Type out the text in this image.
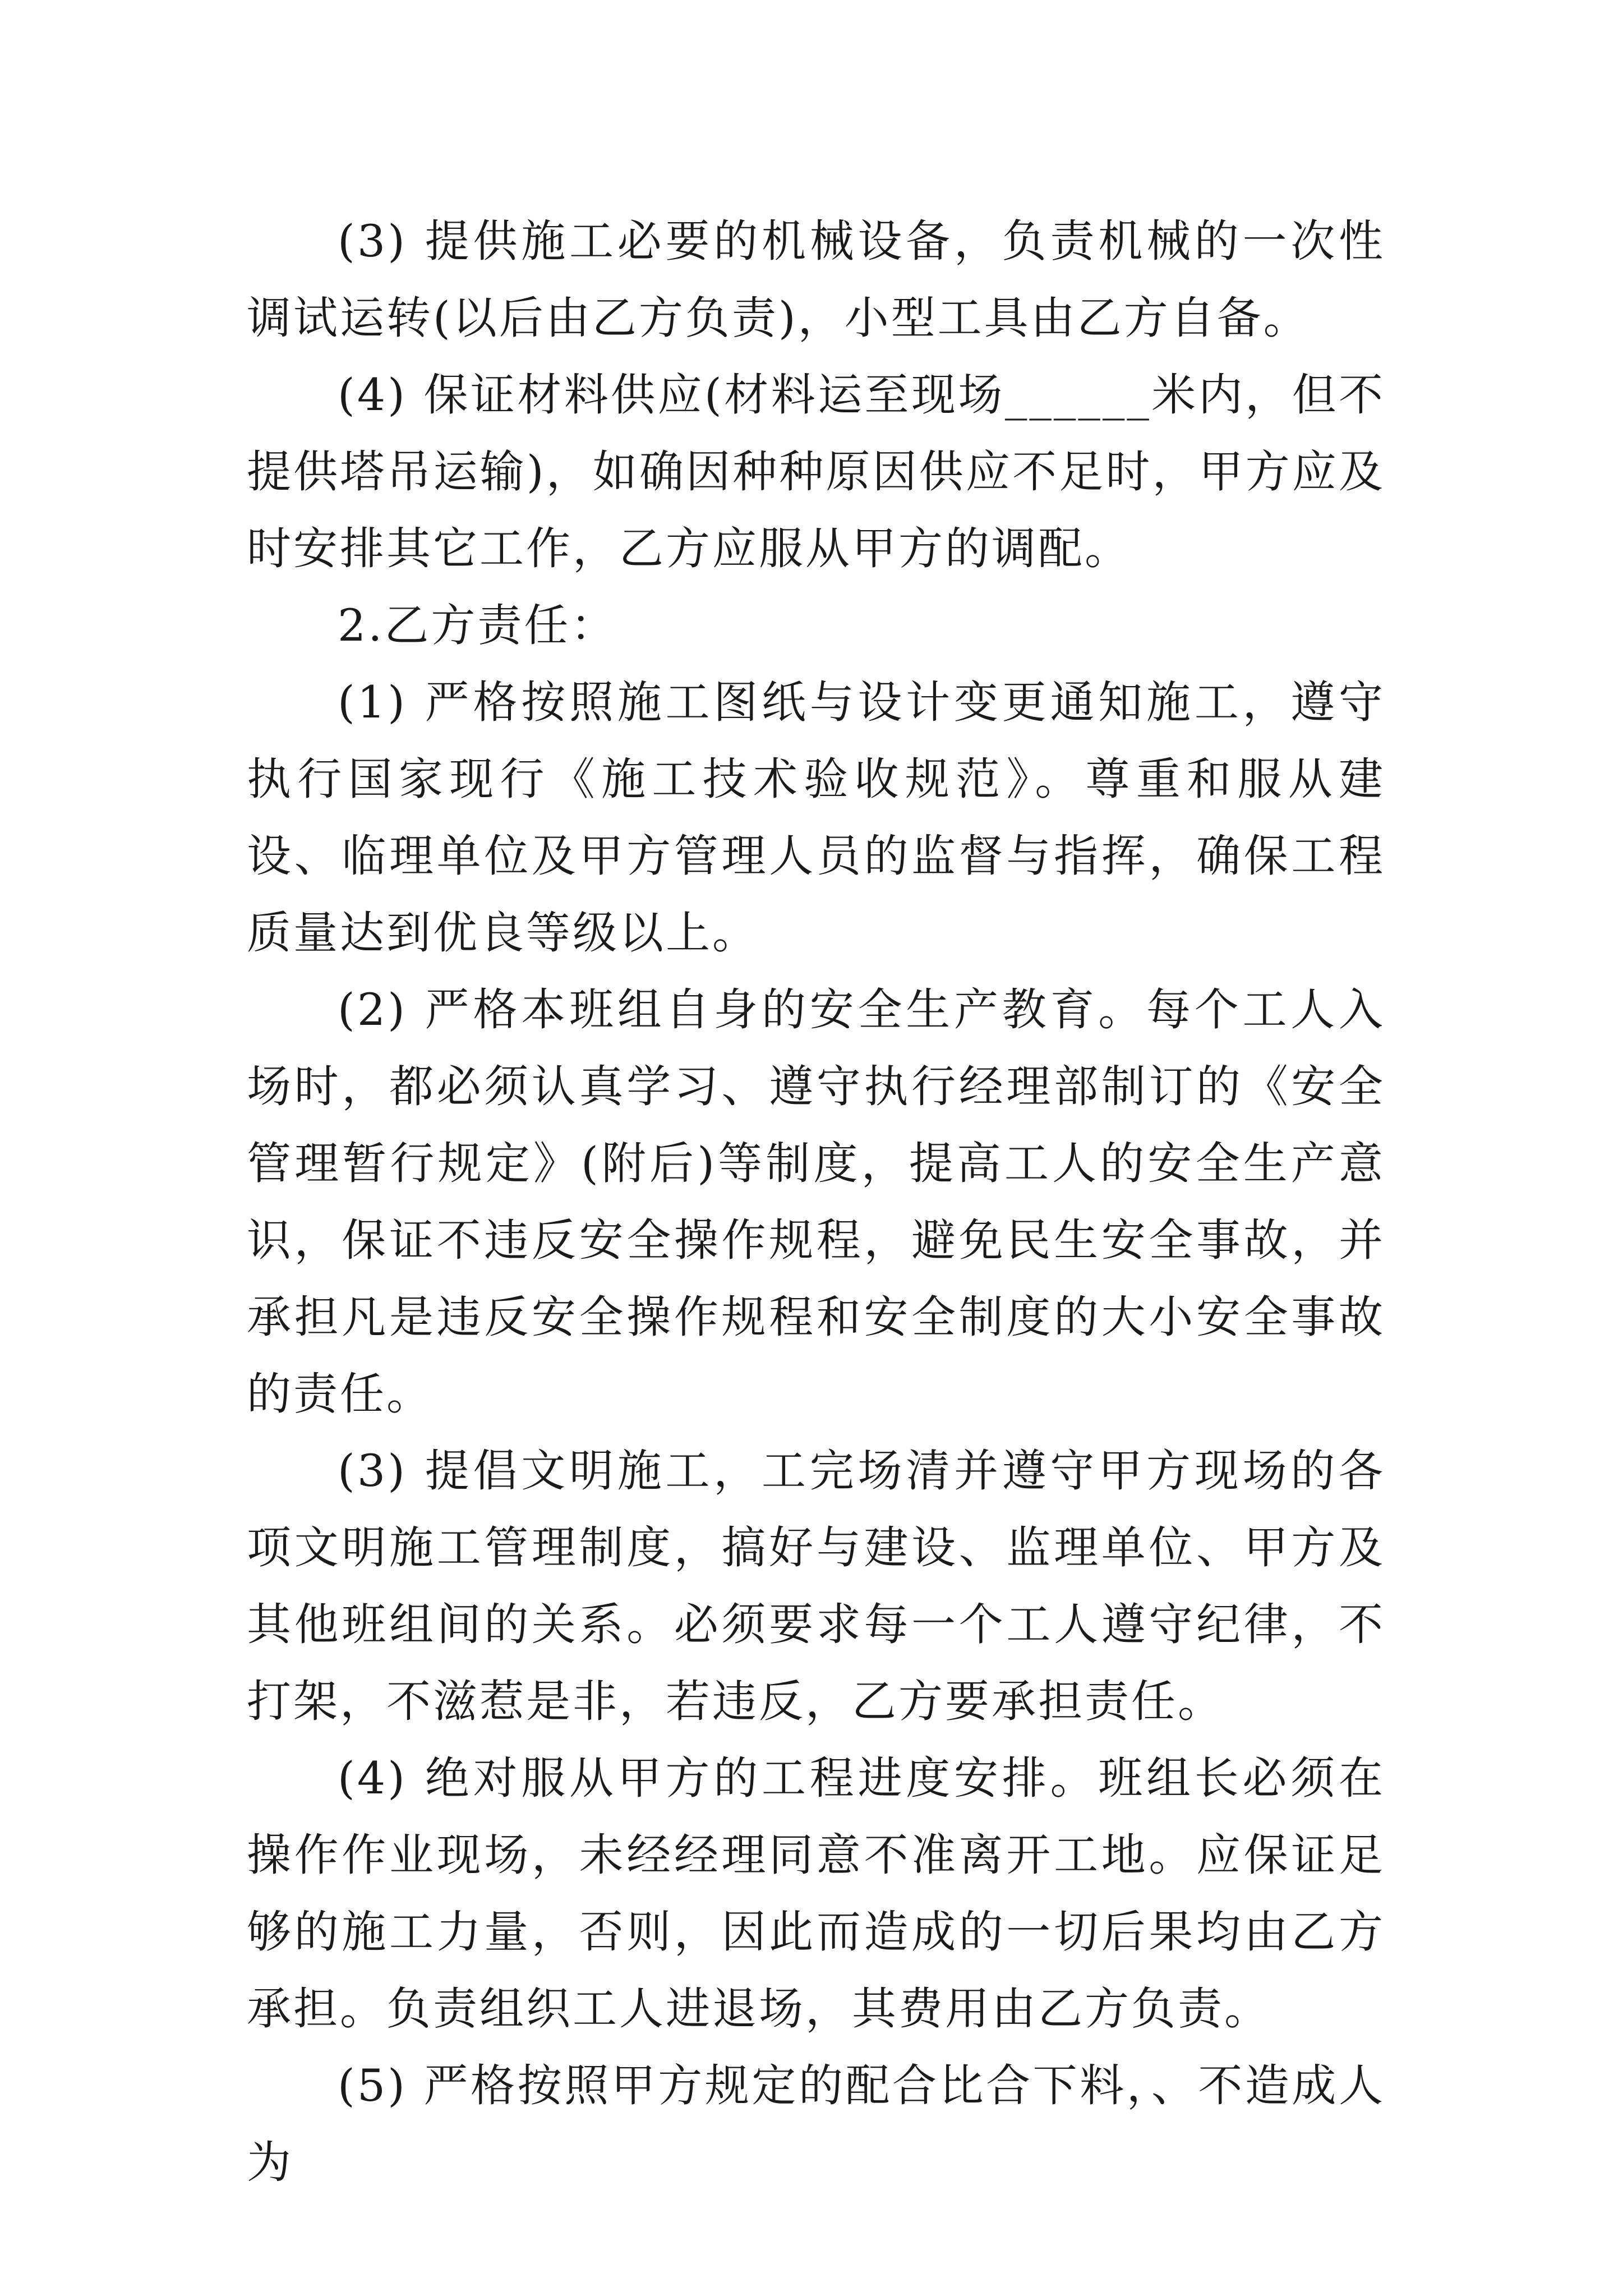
(3) 提供施工必要的机械设备，负责机械的一次性调试运转(以后由乙方负责)，小型工具由乙方自备。

(4) 保证材料供应(材料运至现场______米内，但不提供塔吊运输)，如确因种种原因供应不足时，甲方应及时安排其它工作，乙方应服从甲方的调配。

2.乙方责任：

(1) 严格按照施工图纸与设计变更通知施工，遵守执行国家现行《施工技术验收规范》。尊重和服从建设、临理单位及甲方管理人员的监督与指挥，确保工程质量达到优良等级以上。

(2) 严格本班组自身的安全生产教育。每个工人入场时，都必须认真学习、遵守执行经理部制订的《安全管理暂行规定》(附后)等制度，提高工人的安全生产意识，保证不违反安全操作规程，避免民生安全事故，并承担凡是违反安全操作规程和安全制度的大小安全事故的责任。

(3) 提倡文明施工，工完场清并遵守甲方现场的各项文明施工管理制度，搞好与建设、监理单位、甲方及其他班组间的关系。必须要求每一个工人遵守纪律，不打架，不滋惹是非，若违反，乙方要承担责任。

(4) 绝对服从甲方的工程进度安排。班组长必须在操作作业现场，未经经理同意不准离开工地。应保证足够的施工力量，否则，因此而造成的一切后果均由乙方承担。负责组织工人进退场，其费用由乙方负责。

(5) 严格按照甲方规定的配合比合下料，、不造成人为
